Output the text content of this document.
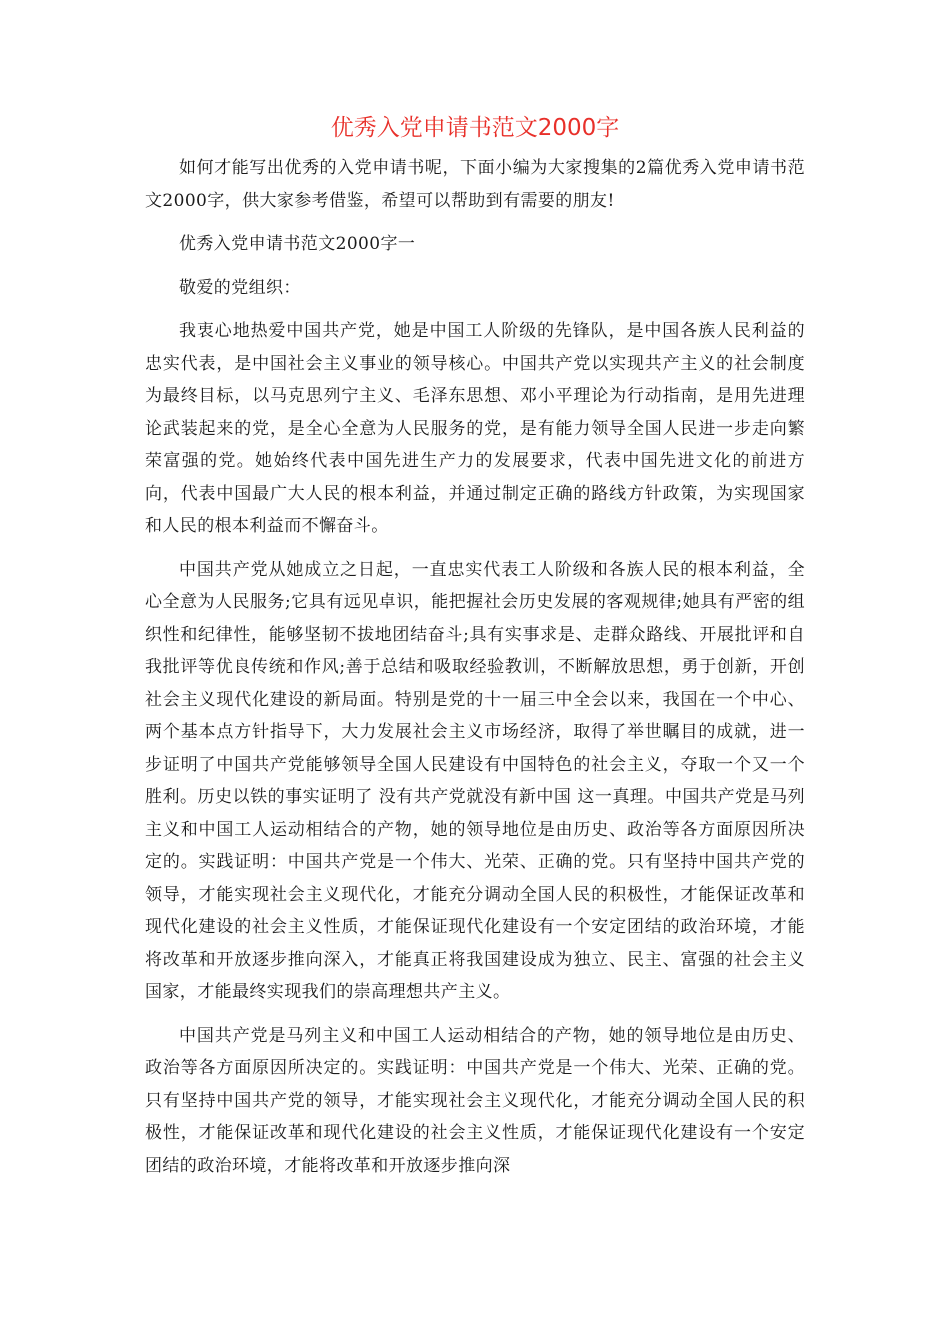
优秀入党申请书范文2000字

如何才能写出优秀的入党申请书呢，下面小编为大家搜集的2篇优秀入党申请书范文2000字，供大家参考借鉴，希望可以帮助到有需要的朋友!

优秀入党申请书范文2000字一

敬爱的党组织：

我衷心地热爱中国共产党，她是中国工人阶级的先锋队，是中国各族人民利益的忠实代表，是中国社会主义事业的领导核心。中国共产党以实现共产主义的社会制度为最终目标，以马克思列宁主义、毛泽东思想、邓小平理论为行动指南，是用先进理论武装起来的党，是全心全意为人民服务的党，是有能力领导全国人民进一步走向繁荣富强的党。她始终代表中国先进生产力的发展要求，代表中国先进文化的前进方向，代表中国最广大人民的根本利益，并通过制定正确的路线方针政策，为实现国家和人民的根本利益而不懈奋斗。

中国共产党从她成立之日起，一直忠实代表工人阶级和各族人民的根本利益，全心全意为人民服务;它具有远见卓识，能把握社会历史发展的客观规律;她具有严密的组织性和纪律性，能够坚韧不拔地团结奋斗;具有实事求是、走群众路线、开展批评和自我批评等优良传统和作风;善于总结和吸取经验教训，不断解放思想，勇于创新，开创社会主义现代化建设的新局面。特别是党的十一届三中全会以来，我国在一个中心、两个基本点方针指导下，大力发展社会主义市场经济，取得了举世瞩目的成就，进一步证明了中国共产党能够领导全国人民建设有中国特色的社会主义，夺取一个又一个胜利。历史以铁的事实证明了 没有共产党就没有新中国 这一真理。中国共产党是马列主义和中国工人运动相结合的产物，她的领导地位是由历史、政治等各方面原因所决定的。实践证明：中国共产党是一个伟大、光荣、正确的党。只有坚持中国共产党的领导，才能实现社会主义现代化，才能充分调动全国人民的积极性，才能保证改革和现代化建设的社会主义性质，才能保证现代化建设有一个安定团结的政治环境，才能将改革和开放逐步推向深入，才能真正将我国建设成为独立、民主、富强的社会主义国家，才能最终实现我们的崇高理想共产主义。

中国共产党是马列主义和中国工人运动相结合的产物，她的领导地位是由历史、政治等各方面原因所决定的。实践证明：中国共产党是一个伟大、光荣、正确的党。只有坚持中国共产党的领导，才能实现社会主义现代化，才能充分调动全国人民的积极性，才能保证改革和现代化建设的社会主义性质，才能保证现代化建设有一个安定团结的政治环境，才能将改革和开放逐步推向深
